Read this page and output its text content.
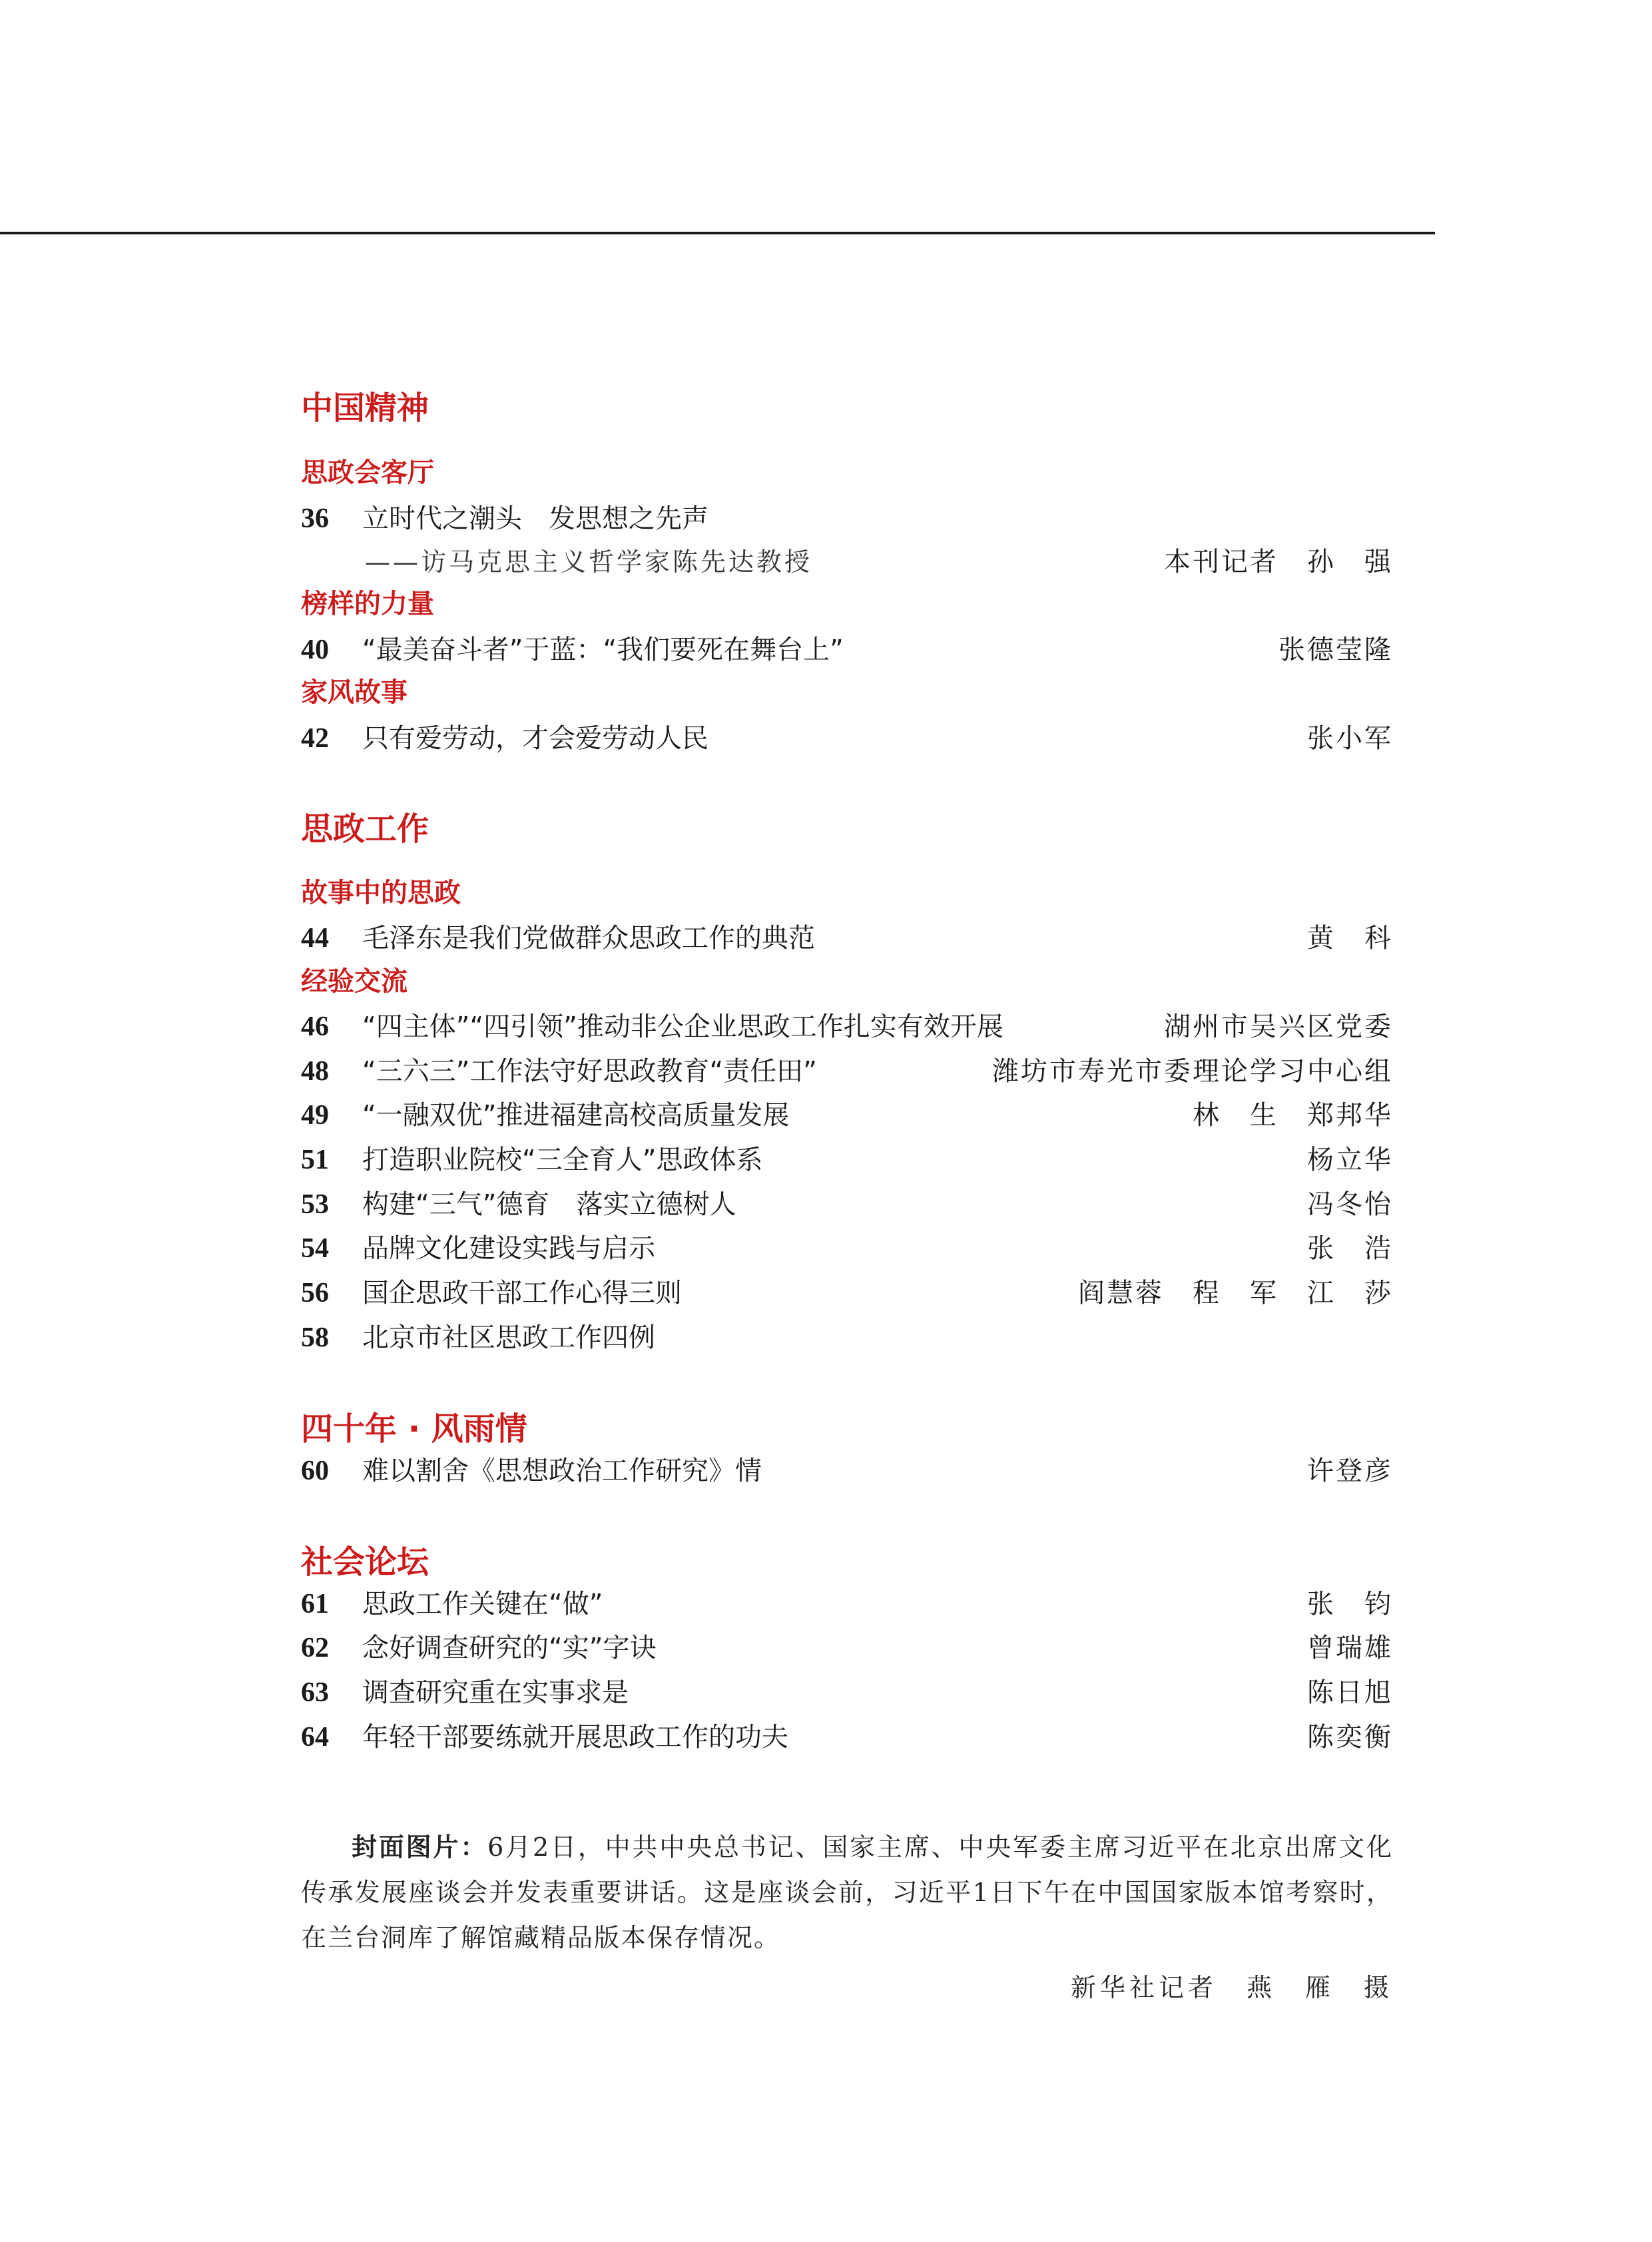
中国精神
思政会客厅
36 立时代之潮头　发思想之先声
——访马克思主义哲学家陈先达教授	本刊记者　孙　强
榜样的力量
40 “最美奋斗者”于蓝：“我们要死在舞台上”	张德莹隆
家风故事
42 只有爱劳动，才会爱劳动人民	张小军
思政工作
故事中的思政
44 毛泽东是我们党做群众思政工作的典范	黄　科
经验交流
46 “四主体”“四引领”推动非公企业思政工作扎实有效开展	湖州市吴兴区党委
48 “三六三”工作法守好思政教育“责任田”	潍坊市寿光市委理论学习中心组
49 “一融双优”推进福建高校高质量发展	林　生　郑邦华
51 打造职业院校“三全育人”思政体系	杨立华
53 构建“三气”德育　落实立德树人	冯冬怡
54 品牌文化建设实践与启示	张　浩
56 国企思政干部工作心得三则	阎慧蓉　程　军　江　莎
58 北京市社区思政工作四例
四十年 · 风雨情
60 难以割舍《思想政治工作研究》情	许登彦
社会论坛
61 思政工作关键在“做”	张　钧
62 念好调查研究的“实”字诀	曾瑞雄
63 调查研究重在实事求是	陈日旭
64 年轻干部要练就开展思政工作的功夫	陈奕衡
封面图片：6月2日，中共中央总书记、国家主席、中央军委主席习近平在北京出席文化传承发展座谈会并发表重要讲话。这是座谈会前，习近平1日下午在中国国家版本馆考察时，在兰台洞库了解馆藏精品版本保存情况。
新华社记者　燕　雁　摄
